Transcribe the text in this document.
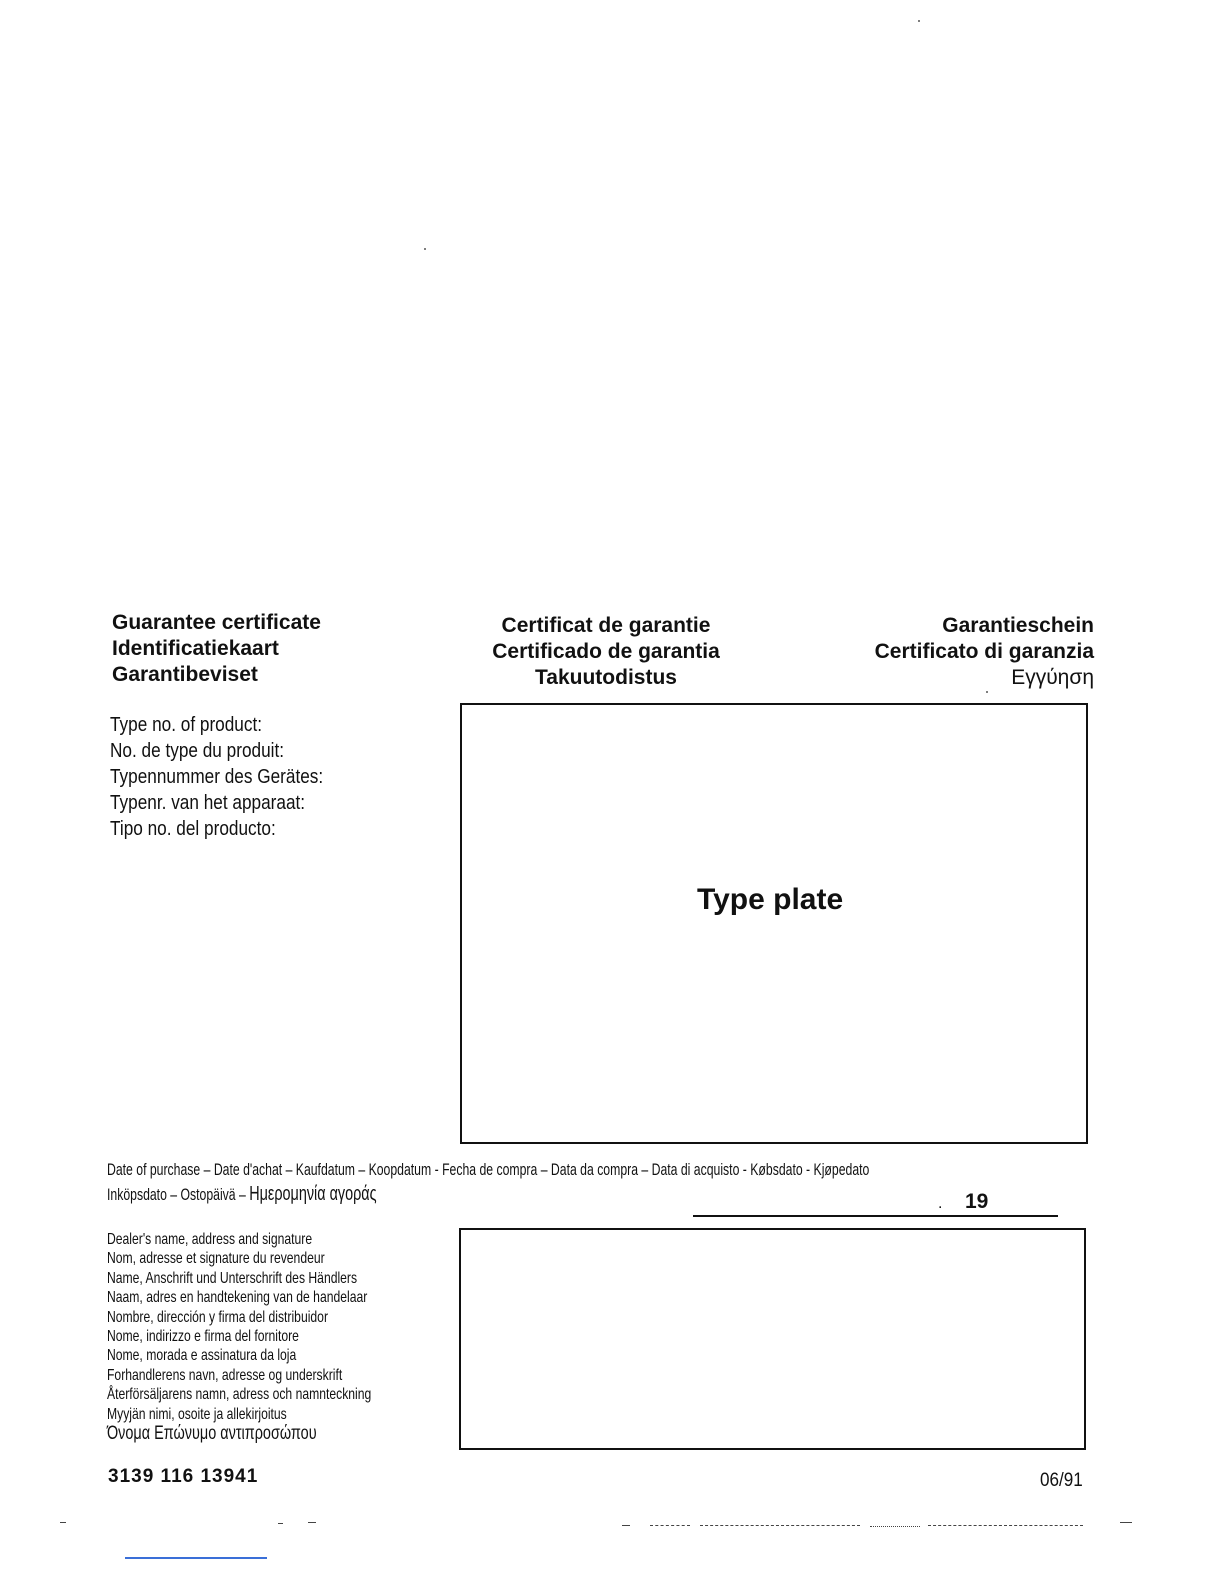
Guarantee certificate
Identificatiekaart
Garantibeviset
Certificat de garantie
Certificado de garantia
Takuutodistus
Garantieschein
Certificato di garanzia
Εγγύηση
Type no. of product:
No. de type du produit:
Typennummer des Gerätes:
Typenr. van het apparaat:
Tipo no. del producto:
Type plate
Date of purchase – Date d'achat – Kaufdatum – Koopdatum - Fecha de compra – Data da compra – Data di acquisto - Købsdato - Kjøpedato
Inköpsdato – Ostopäivä – Ημερομηνία αγοράς	. 19
Dealer's name, address and signature
Nom, adresse et signature du revendeur
Name, Anschrift und Unterschrift des Händlers
Naam, adres en handtekening van de handelaar
Nombre, dirección y firma del distribuidor
Nome, indirizzo e firma del fornitore
Nome, morada e assinatura da loja
Forhandlerens navn, adresse og underskrift
Återförsäljarens namn, adress och namnteckning
Myyjän nimi, osoite ja allekirjoitus
Όνομα Επώνυμο αντιπροσώπου
3139 116 13941	06/91
